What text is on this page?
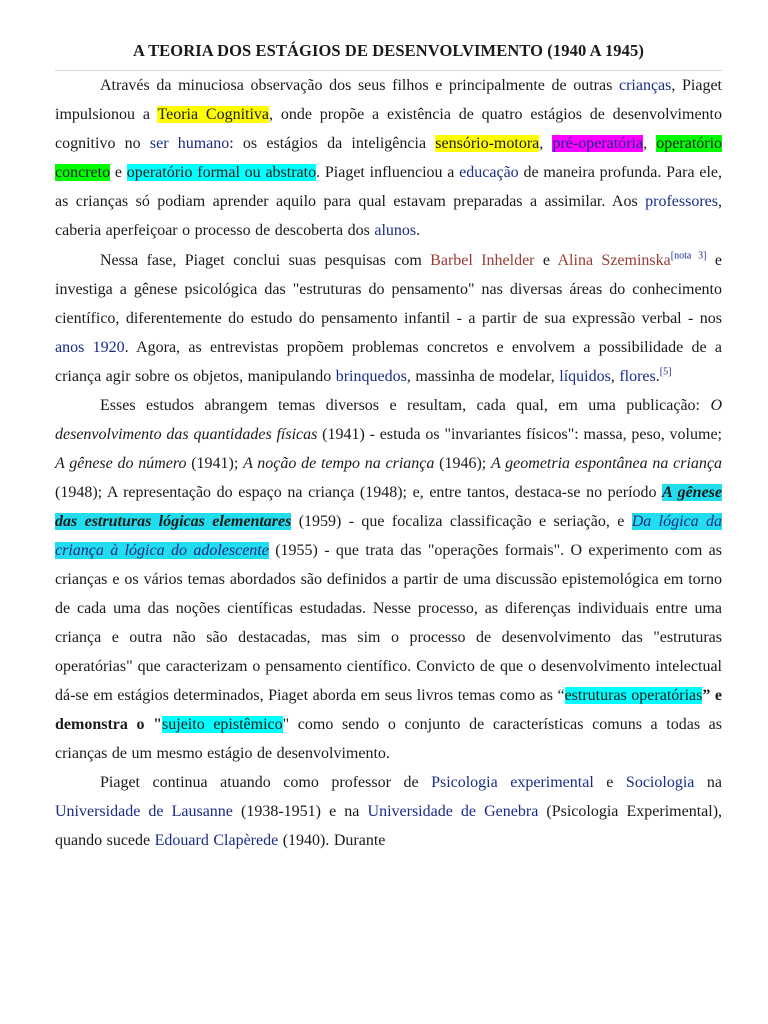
A TEORIA DOS ESTÁGIOS DE DESENVOLVIMENTO (1940 A 1945)

Através da minuciosa observação dos seus filhos e principalmente de outras crianças, Piaget impulsionou a Teoria Cognitiva, onde propõe a existência de quatro estágios de desenvolvimento cognitivo no ser humano: os estágios da inteligência sensório-motora, pré-operatória, operatório concreto e operatório formal ou abstrato. Piaget influenciou a educação de maneira profunda. Para ele, as crianças só podiam aprender aquilo para qual estavam preparadas a assimilar. Aos professores, caberia aperfeiçoar o processo de descoberta dos alunos.

Nessa fase, Piaget conclui suas pesquisas com Barbel Inhelder e Alina Szeminska[nota 3] e investiga a gênese psicológica das "estruturas do pensamento" nas diversas áreas do conhecimento científico, diferentemente do estudo do pensamento infantil - a partir de sua expressão verbal - nos anos 1920. Agora, as entrevistas propõem problemas concretos e envolvem a possibilidade de a criança agir sobre os objetos, manipulando brinquedos, massinha de modelar, líquidos, flores.[5]

Esses estudos abrangem temas diversos e resultam, cada qual, em uma publicação: O desenvolvimento das quantidades físicas (1941) - estuda os "invariantes físicos": massa, peso, volume; A gênese do número (1941); A noção de tempo na criança (1946); A geometria espontânea na criança (1948); A representação do espaço na criança (1948); e, entre tantos, destaca-se no período A gênese das estruturas lógicas elementares (1959) - que focaliza classificação e seriação, e Da lógica da criança à lógica do adolescente (1955) - que trata das "operações formais". O experimento com as crianças e os vários temas abordados são definidos a partir de uma discussão epistemológica em torno de cada uma das noções científicas estudadas. Nesse processo, as diferenças individuais entre uma criança e outra não são destacadas, mas sim o processo de desenvolvimento das "estruturas operatórias" que caracterizam o pensamento científico. Convicto de que o desenvolvimento intelectual dá-se em estágios determinados, Piaget aborda em seus livros temas como as “estruturas operatórias” e demonstra o "sujeito epistêmico" como sendo o conjunto de características comuns a todas as crianças de um mesmo estágio de desenvolvimento.

Piaget continua atuando como professor de Psicologia experimental e Sociologia na Universidade de Lausanne (1938-1951) e na Universidade de Genebra (Psicologia Experimental), quando sucede Edouard Clapèrede (1940). Durante
